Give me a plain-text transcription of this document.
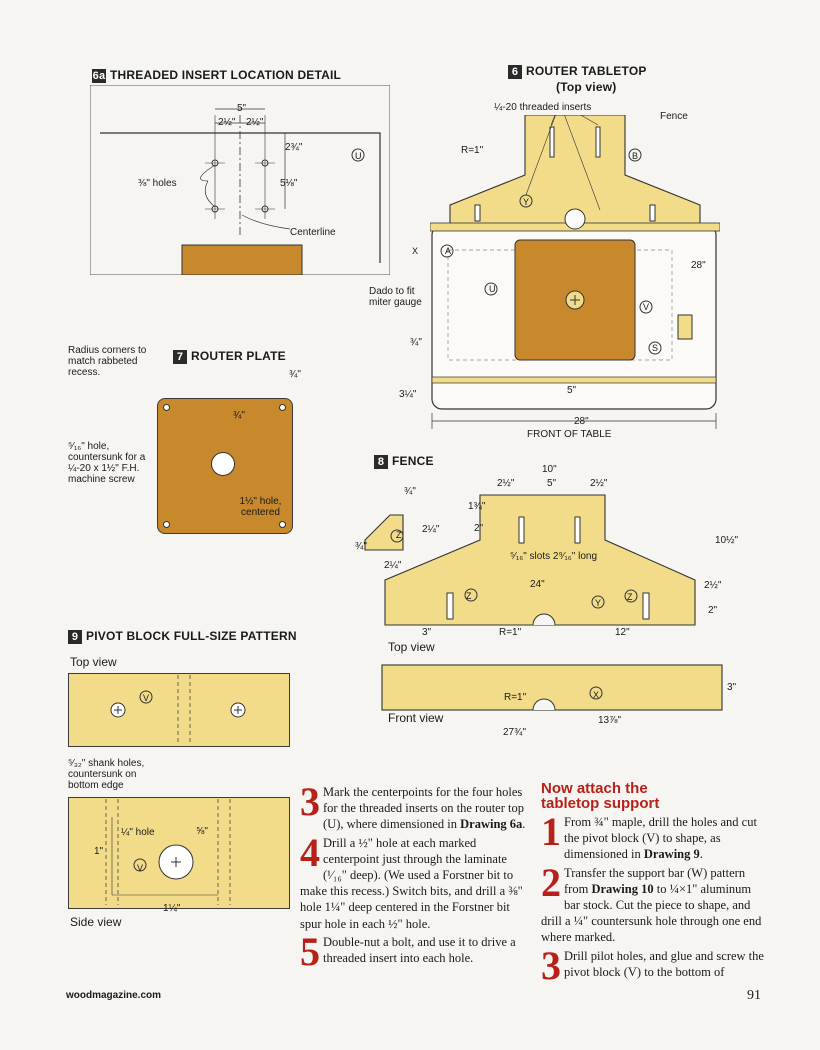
6a THREADED INSERT LOCATION DETAIL
5"
2½" 2½"
2¾"
5⅛"
⅜" holes
Centerline
U
6 ROUTER TABLETOP
(Top view)
¼-20 threaded inserts
Fence
R=1"	B
Y
X	A
U
V
S
28"
Dado to fit miter gauge
¾"
3¼"	5"
28"
FRONT OF TABLE
Radius corners to match rabbeted recess.
7 ROUTER PLATE
¾"
¾"
⁵⁄₁₆" hole, countersunk for a ¼-20 x 1½" F.H. machine screw
1½" hole, centered
8 FENCE
¾"
1¾"
2¼"	2"
¾"
2¼"
10"
2½"	5"	2½"
10½"
⁵⁄₁₆" slots 2⁹⁄₁₆" long
24"	2½"
2"
3"	R=1"	12"
Top view
Z
Y
Z
Z
3"
R=1"	X
Front view	13⅞"
27¾"
9 PIVOT BLOCK FULL-SIZE PATTERN
Top view
V
⁵⁄₃₂" shank holes, countersunk on bottom edge
V
¼" hole	⅝"
1"
1¼"
Side view
3 Mark the centerpoints for the four holes for the threaded inserts on the router top (U), where dimensioned in Drawing 6a.
4 Drill a ½" hole at each marked centerpoint just through the laminate (¹⁄₁₆" deep). (We used a Forstner bit to make this recess.) Switch bits, and drill a ⅜" hole 1¼" deep centered in the Forstner bit spur hole in each ½" hole.
5 Double-nut a bolt, and use it to drive a threaded insert into each hole.
Now attach the
tabletop support
1 From ¾" maple, drill the holes and cut the pivot block (V) to shape, as dimensioned in Drawing 9.
2 Transfer the support bar (W) pattern from Drawing 10 to ¼×1" aluminum bar stock. Cut the piece to shape, and drill a ¼" countersunk hole through one end where marked.
3 Drill pilot holes, and glue and screw the pivot block (V) to the bottom of
woodmagazine.com	91
